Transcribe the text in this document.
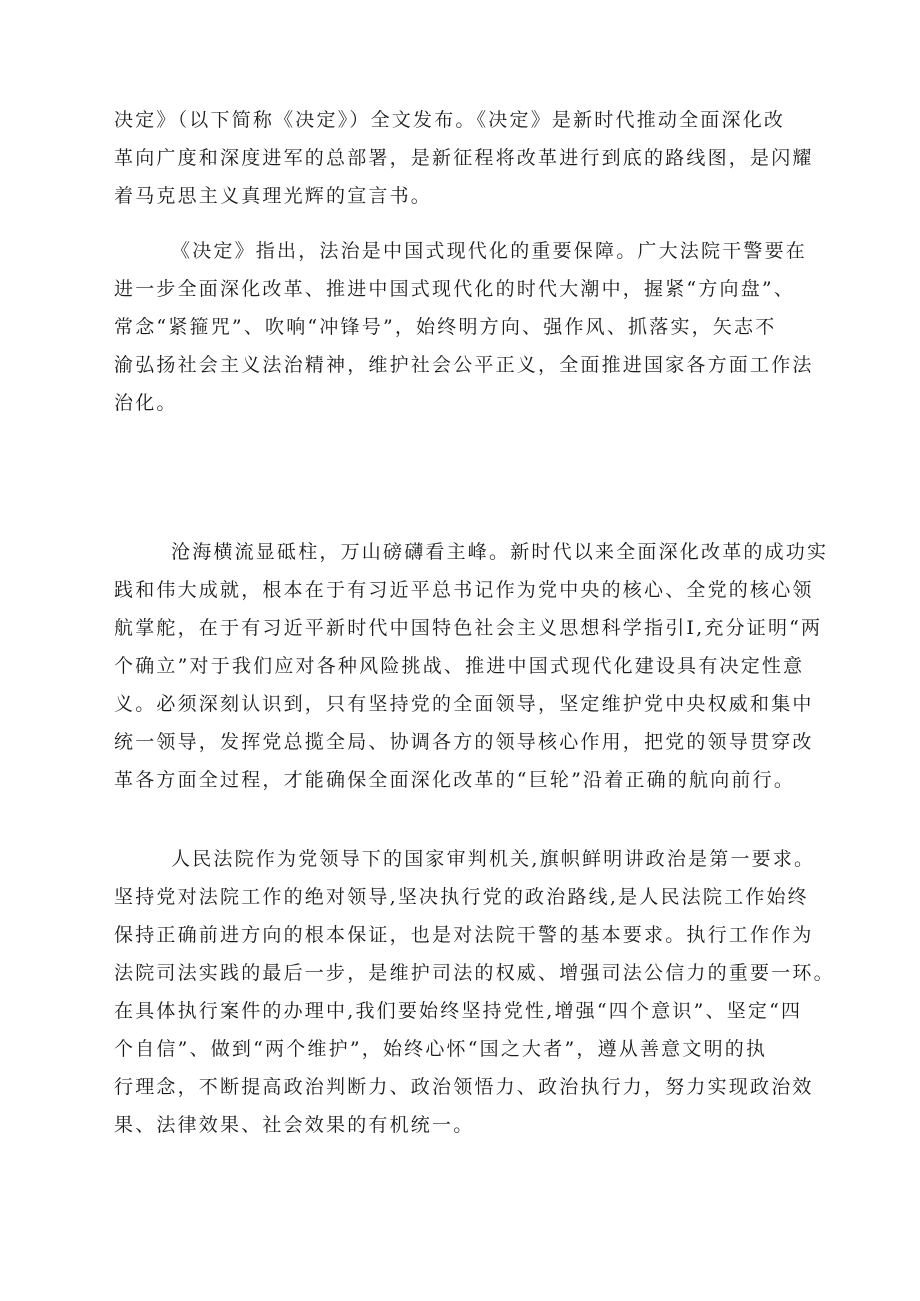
决定》（以下简称《决定》）全文发布。《决定》是新时代推动全面深化改
革向广度和深度进军的总部署，是新征程将改革进行到底的路线图，是闪耀
着马克思主义真理光辉的宣言书。
《决定》指出，法治是中国式现代化的重要保障。广大法院干警要在
进一步全面深化改革、推进中国式现代化的时代大潮中，握紧“方向盘”、
常念“紧箍咒”、吹响“冲锋号”，始终明方向、强作风、抓落实，矢志不
渝弘扬社会主义法治精神，维护社会公平正义，全面推进国家各方面工作法
治化。
沧海横流显砥柱，万山磅礴看主峰。新时代以来全面深化改革的成功实
践和伟大成就，根本在于有习近平总书记作为党中央的核心、全党的核心领
航掌舵，在于有习近平新时代中国特色社会主义思想科学指引I,充分证明“两
个确立”对于我们应对各种风险挑战、推进中国式现代化建设具有决定性意
义。必须深刻认识到，只有坚持党的全面领导，坚定维护党中央权威和集中
统一领导，发挥党总揽全局、协调各方的领导核心作用，把党的领导贯穿改
革各方面全过程，才能确保全面深化改革的“巨轮”沿着正确的航向前行。
人民法院作为党领导下的国家审判机关,旗帜鲜明讲政治是第一要求。
坚持党对法院工作的绝对领导,坚决执行党的政治路线,是人民法院工作始终
保持正确前进方向的根本保证，也是对法院干警的基本要求。执行工作作为
法院司法实践的最后一步，是维护司法的权威、增强司法公信力的重要一环。
在具体执行案件的办理中,我们要始终坚持党性,增强“四个意识”、坚定“四
个自信”、做到“两个维护”，始终心怀“国之大者”，遵从善意文明的执
行理念，不断提高政治判断力、政治领悟力、政治执行力，努力实现政治效
果、法律效果、社会效果的有机统一。
